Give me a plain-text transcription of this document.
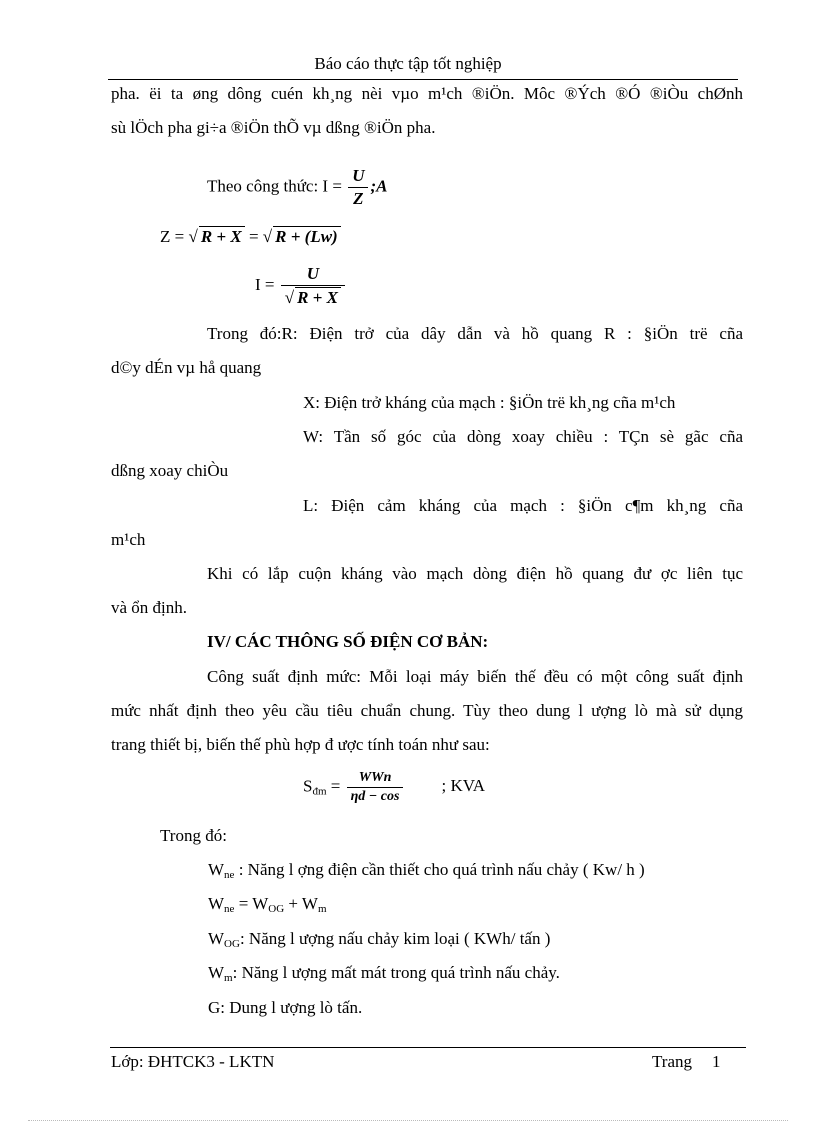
Báo cáo thực tập tốt nghiệp
pha. ëi ta øng dông cuén kh¸ng nèi vµo m¹ch ®iÖn. Môc ®Ých ®Ó ®iÒu chØnh
sù lÖch pha gi÷a ®iÖn thÕ vµ dßng ®iÖn pha.
Theo công thức: $I = \frac{U}{Z}$ ;A
Z = √ R + X = √ R + (Lw)
$I = \frac{U}{√ R + X}$
Trong đó:R: Điện trở của dây dẫn và hồ quang R : §iÖn trë cña
d©y dÉn vµ hå quang
X: Điện trở kháng của mạch : §iÖn trë kh¸ng cña m¹ch
W: Tần số góc của dòng xoay chiều : TÇn sè gãc cña
dßng xoay chiÒu
L: Điện cảm kháng của mạch : §iÖn c¶m kh¸ng cña
m¹ch
Khi có lắp cuộn kháng vào mạch dòng điện hồ quang đư ợc liên tục
và ổn định.
IV/ CÁC THÔNG SỐ ĐIỆN CƠ BẢN:
Công suất định mức: Mỗi loại máy biến thế đều có một công suất định
mức nhất định theo yêu cầu tiêu chuẩn chung. Tùy theo dung l ượng lò mà sử dụng
trang thiết bị, biến thế phù hợp đ ược tính toán như sau:
$S_{đm} = \frac{\text{WWn}}{\eta d - \cos}$ ; KVA
Trong đó:
$W_{ne}$ : Năng l ợng điện cần thiết cho quá trình nấu chảy ( Kw/ h )
$W_{ne} = W_{OG} + W_m$
$W_{OG}$: Năng l ượng nấu chảy kim loại ( KWh/ tấn )
$W_m$: Năng l ượng mất mát trong quá trình nấu chảy.
G: Dung l ượng lò tấn.
Lớp: ĐHTCK3 - LKTN	Trang 1
